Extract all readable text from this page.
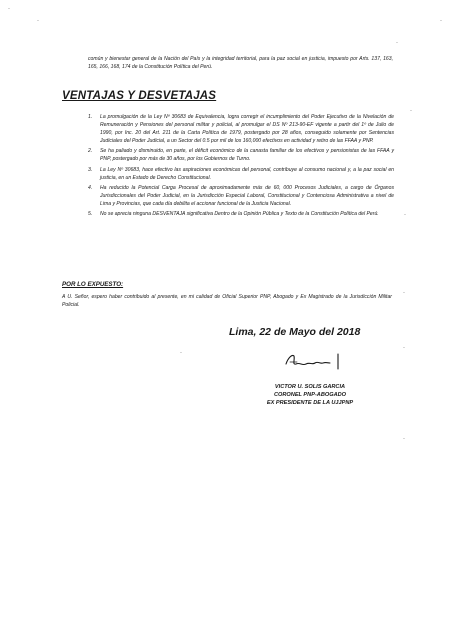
·
·	·
·
·
·
·
·
·
·

común y bienestar general de la Nación del País y la integridad territorial, para la paz social en justicia, impuesto por Arts. 137, 163, 165, 166, 168, 174 de la Constitución Política del Perú.

VENTAJAS Y DESVETAJAS
1. La promulgación de la Ley Nº 30683 de Equivalencia, logra corregir el incumplimiento del Poder Ejecutivo de la Nivelación de Remuneración y Pensiones del personal militar y policial, al promulgar el DS Nº 213-90-EF vigente a partir del 1º de Julio de 1990, por Inc. 20 del Art. 211 de la Carta Política de 1979, postergado por 28 años, conseguido solamente por Sentencias Judiciales del Poder Judicial, a un Sector del 0.5 por mil de los 160,000 efectivos en actividad y retiro de las FFAA y PNP.
2. Se ha paliado y disminuido, en parte, el déficit económico de la canasta familiar de los efectivos y pensionistas de las FFAA y PNP, postergado por más de 30 años, por los Gobiernos de Turno.
3. La Ley Nº 30683, hace efectivo las aspiraciones económicas del personal, contribuye al consumo nacional y, a la paz social en justicia, en un Estado de Derecho Constitucional.
4. Ha reducido la Potencial Carga Procesal de aproximadamente más de 60, 000 Procesos Judiciales, a cargo de Órganos Jurisdiccionales del Poder Judicial, en la Jurisdicción Especial Laboral, Constitucional y Contenciosa Administrativa a nivel de Lima y Provincias, que cada día debilita el accionar funcional de la Justicia Nacional.
5. No se aprecia ninguna DESVENTAJA significativa Dentro de la Opinión Pública y Texto de la Constitución Política del Perú.
POR LO EXPUESTO:

A U. Señor, espero haber contribuido al presente, en mi calidad de Oficial Superior PNP, Abogado y Ex Magistrado de la Jurisdicción Militar Policial.

Lima, 22 de Mayo del 2018
VICTOR U. SOLIS GARCIA
CORONEL PNP-ABOGADO
EX PRESIDENTE DE LA UJJPNP
